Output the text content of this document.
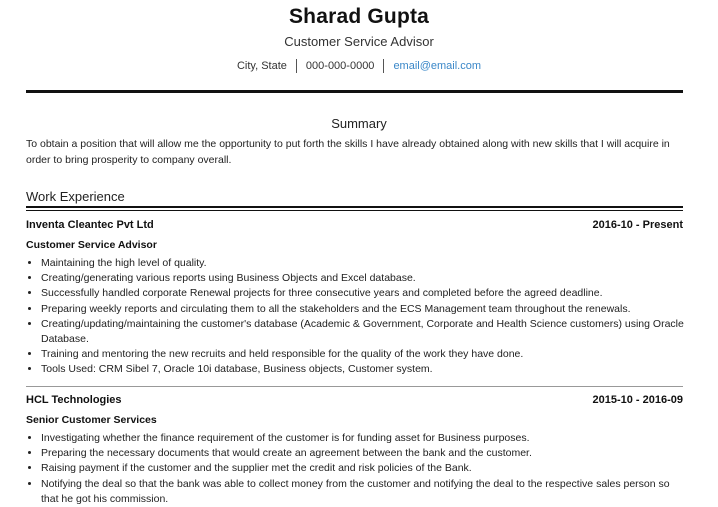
Sharad Gupta
Customer Service Advisor
City, State 000-000-0000 email@email.com
Summary
To obtain a position that will allow me the opportunity to put forth the skills I have already obtained along with new skills that I will acquire in order to bring prosperity to company overall.
Work Experience
Inventa Cleantec Pvt Ltd	2016-10 - Present
Customer Service Advisor
• Maintaining the high level of quality.
• Creating/generating various reports using Business Objects and Excel database.
• Successfully handled corporate Renewal projects for three consecutive years and completed before the agreed deadline.
• Preparing weekly reports and circulating them to all the stakeholders and the ECS Management team throughout the renewals.
• Creating/updating/maintaining the customer's database (Academic & Government, Corporate and Health Science customers) using Oracle Database.
• Training and mentoring the new recruits and held responsible for the quality of the work they have done.
• Tools Used: CRM Sibel 7, Oracle 10i database, Business objects, Customer system.
HCL Technologies	2015-10 - 2016-09
Senior Customer Services
• Investigating whether the finance requirement of the customer is for funding asset for Business purposes.
• Preparing the necessary documents that would create an agreement between the bank and the customer.
• Raising payment if the customer and the supplier met the credit and risk policies of the Bank.
• Notifying the deal so that the bank was able to collect money from the customer and notifying the deal to the respective sales person so that he got his commission.
